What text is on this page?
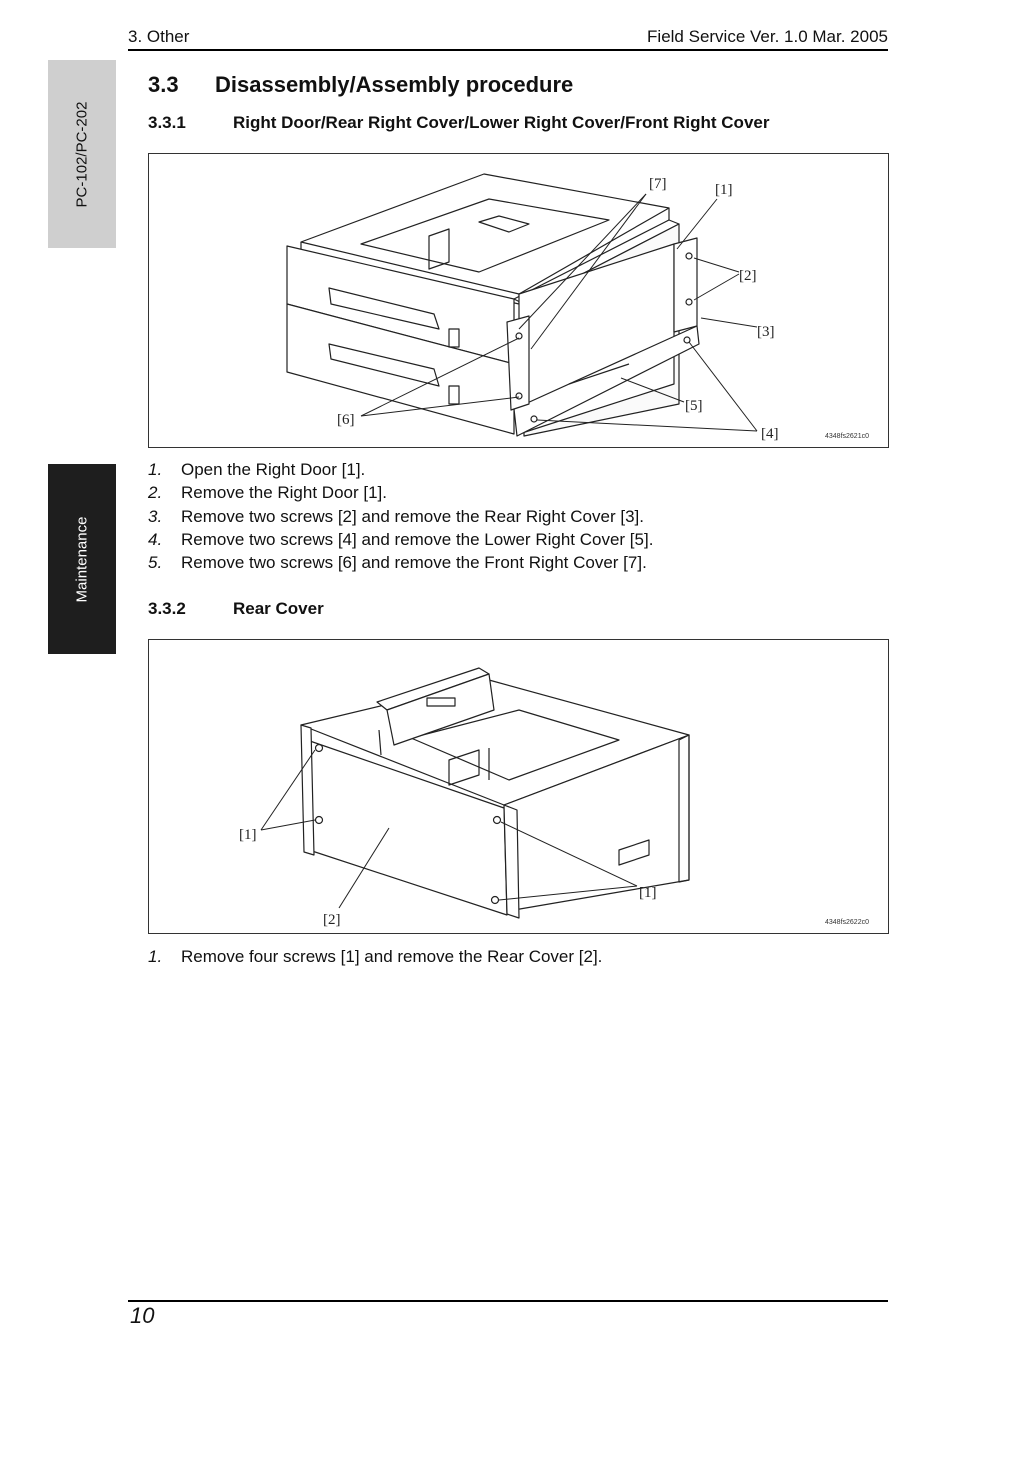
3. Other	Field Service Ver. 1.0 Mar. 2005
PC-102/PC-202
Maintenance
3.3 Disassembly/Assembly procedure
3.3.1	Right Door/Rear Right Cover/Lower Right Cover/Front Right Cover
[7]	[1]
[2]
[3]
[5]
[6]
[4]	4348fs2621c0
1. Open the Right Door [1].
2. Remove the Right Door [1].
3. Remove two screws [2] and remove the Rear Right Cover [3].
4. Remove two screws [4] and remove the Lower Right Cover [5].
5. Remove two screws [6] and remove the Front Right Cover [7].
3.3.2	Rear Cover
[1]
[1]
[2]	4348fs2622c0
1. Remove four screws [1] and remove the Rear Cover [2].
10
